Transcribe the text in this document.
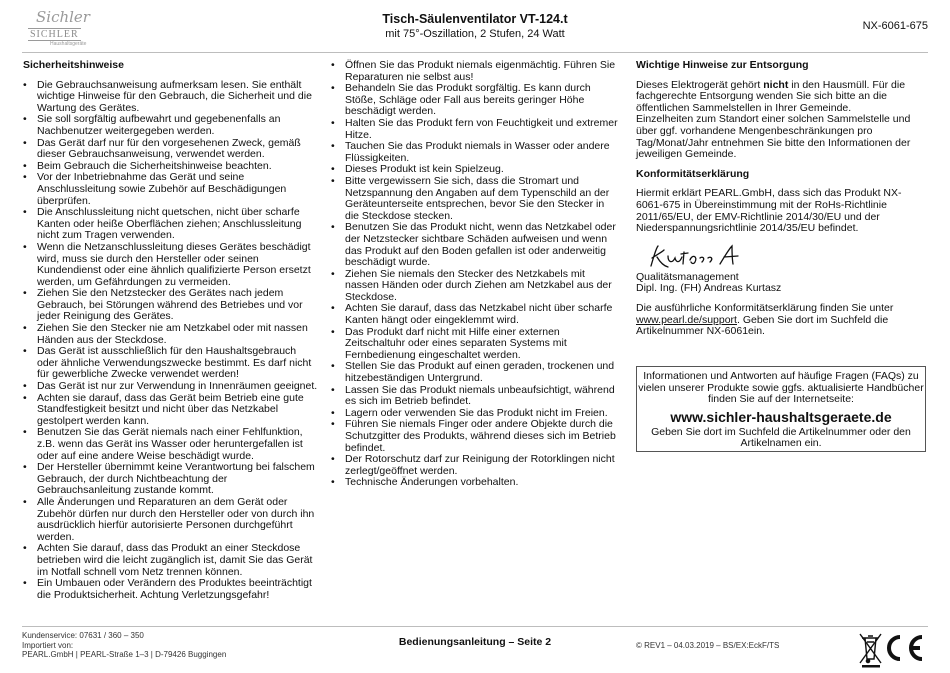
Sichler
SICHLER
Haushaltsgeräte
Tisch-Säulenventilator VT-124.t
mit 75°-Oszillation, 2 Stufen, 24 Watt
NX-6061-675
Sicherheitshinweise
• Die Gebrauchsanweisung aufmerksam lesen. Sie enthält wichtige Hinweise für den Gebrauch, die Sicherheit und die Wartung des Gerätes.
• Sie soll sorgfältig aufbewahrt und gegebenenfalls an Nachbenutzer weitergegeben werden.
• Das Gerät darf nur für den vorgesehenen Zweck, gemäß dieser Gebrauchsanweisung, verwendet werden.
• Beim Gebrauch die Sicherheitshinweise beachten.
• Vor der Inbetriebnahme das Gerät und seine Anschlussleitung sowie Zubehör auf Beschädigungen überprüfen.
• Die Anschlussleitung nicht quetschen, nicht über scharfe Kanten oder heiße Oberflächen ziehen; Anschlussleitung nicht zum Tragen verwenden.
• Wenn die Netzanschlussleitung dieses Gerätes beschädigt wird, muss sie durch den Hersteller oder seinen Kundendienst oder eine ähnlich qualifizierte Person ersetzt werden, um Gefährdungen zu vermeiden.
• Ziehen Sie den Netzstecker des Gerätes nach jedem Gebrauch, bei Störungen während des Betriebes und vor jeder Reinigung des Gerätes.
• Ziehen Sie den Stecker nie am Netzkabel oder mit nassen Händen aus der Steckdose.
• Das Gerät ist ausschließlich für den Haushaltsgebrauch oder ähnliche Verwendungszwecke bestimmt. Es darf nicht für gewerbliche Zwecke verwendet werden!
• Das Gerät ist nur zur Verwendung in Innenräumen geeignet.
• Achten sie darauf, dass das Gerät beim Betrieb eine gute Standfestigkeit besitzt und nicht über das Netzkabel gestolpert werden kann.
• Benutzen Sie das Gerät niemals nach einer Fehlfunktion, z.B. wenn das Gerät ins Wasser oder heruntergefallen ist oder auf eine andere Weise beschädigt wurde.
• Der Hersteller übernimmt keine Verantwortung bei falschem Gebrauch, der durch Nichtbeachtung der Gebrauchsanleitung zustande kommt.
• Alle Änderungen und Reparaturen an dem Gerät oder Zubehör dürfen nur durch den Hersteller oder von durch ihn ausdrücklich hierfür autorisierte Personen durchgeführt werden.
• Achten Sie darauf, dass das Produkt an einer Steckdose betrieben wird die leicht zugänglich ist, damit Sie das Gerät im Notfall schnell vom Netz trennen können.
• Ein Umbauen oder Verändern des Produktes beeinträchtigt die Produktsicherheit. Achtung Verletzungsgefahr!
• Öffnen Sie das Produkt niemals eigenmächtig. Führen Sie Reparaturen nie selbst aus!
• Behandeln Sie das Produkt sorgfältig. Es kann durch Stöße, Schläge oder Fall aus bereits geringer Höhe beschädigt werden.
• Halten Sie das Produkt fern von Feuchtigkeit und extremer Hitze.
• Tauchen Sie das Produkt niemals in Wasser oder andere Flüssigkeiten.
• Dieses Produkt ist kein Spielzeug.
• Bitte vergewissern Sie sich, dass die Stromart und Netzspannung den Angaben auf dem Typenschild an der Geräteunterseite entsprechen, bevor Sie den Stecker in die Steckdose stecken.
• Benutzen Sie das Produkt nicht, wenn das Netzkabel oder der Netzstecker sichtbare Schäden aufweisen und wenn das Produkt auf den Boden gefallen ist oder anderweitig beschädigt wurde.
• Ziehen Sie niemals den Stecker des Netzkabels mit nassen Händen oder durch Ziehen am Netzkabel aus der Steckdose.
• Achten Sie darauf, dass das Netzkabel nicht über scharfe Kanten hängt oder eingeklemmt wird.
• Das Produkt darf nicht mit Hilfe einer externen Zeitschaltuhr oder eines separaten Systems mit Fernbedienung eingeschaltet werden.
• Stellen Sie das Produkt auf einen geraden, trockenen und hitzebeständigen Untergrund.
• Lassen Sie das Produkt niemals unbeaufsichtigt, während es sich im Betrieb befindet.
• Lagern oder verwenden Sie das Produkt nicht im Freien.
• Führen Sie niemals Finger oder andere Objekte durch die Schutzgitter des Produkts, während dieses sich im Betrieb befindet.
• Der Rotorschutz darf zur Reinigung der Rotorklingen nicht zerlegt/geöffnet werden.
• Technische Änderungen vorbehalten.
Wichtige Hinweise zur Entsorgung

Dieses Elektrogerät gehört nicht in den Hausmüll. Für die fachgerechte Entsorgung wenden Sie sich bitte an die öffentlichen Sammelstellen in Ihrer Gemeinde.

Einzelheiten zum Standort einer solchen Sammelstelle und über ggf. vorhandene Mengenbeschränkungen pro Tag/Monat/Jahr entnehmen Sie bitte den Informationen der jeweiligen Gemeinde.

Konformitätserklärung

Hiermit erklärt PEARL.GmbH, dass sich das Produkt NX-6061-675 in Übereinstimmung mit der RoHs-Richtlinie 2011/65/EU, der EMV-Richtlinie 2014/30/EU und der Niederspannungsrichtlinie 2014/35/EU befindet.

Qualitätsmanagement

Dipl. Ing. (FH) Andreas Kurtasz

Die ausführliche Konformitätserklärung finden Sie unter www.pearl.de/support. Geben Sie dort im Suchfeld die Artikelnummer NX-6061ein.

Informationen und Antworten auf häufige Fragen (FAQs) zu vielen unserer Produkte sowie ggfs. aktualisierte Handbücher finden Sie auf der Internetseite:

www.sichler-haushaltsgeraete.de

Geben Sie dort im Suchfeld die Artikelnummer oder den Artikelnamen ein.

Kundenservice: 07631 / 360 – 350
Importiert von:
PEARL.GmbH | PEARL-Straße 1–3 | D-79426 Buggingen
Bedienungsanleitung – Seite 2	© REV1 – 04.03.2019 – BS/EX:EckF/TS
